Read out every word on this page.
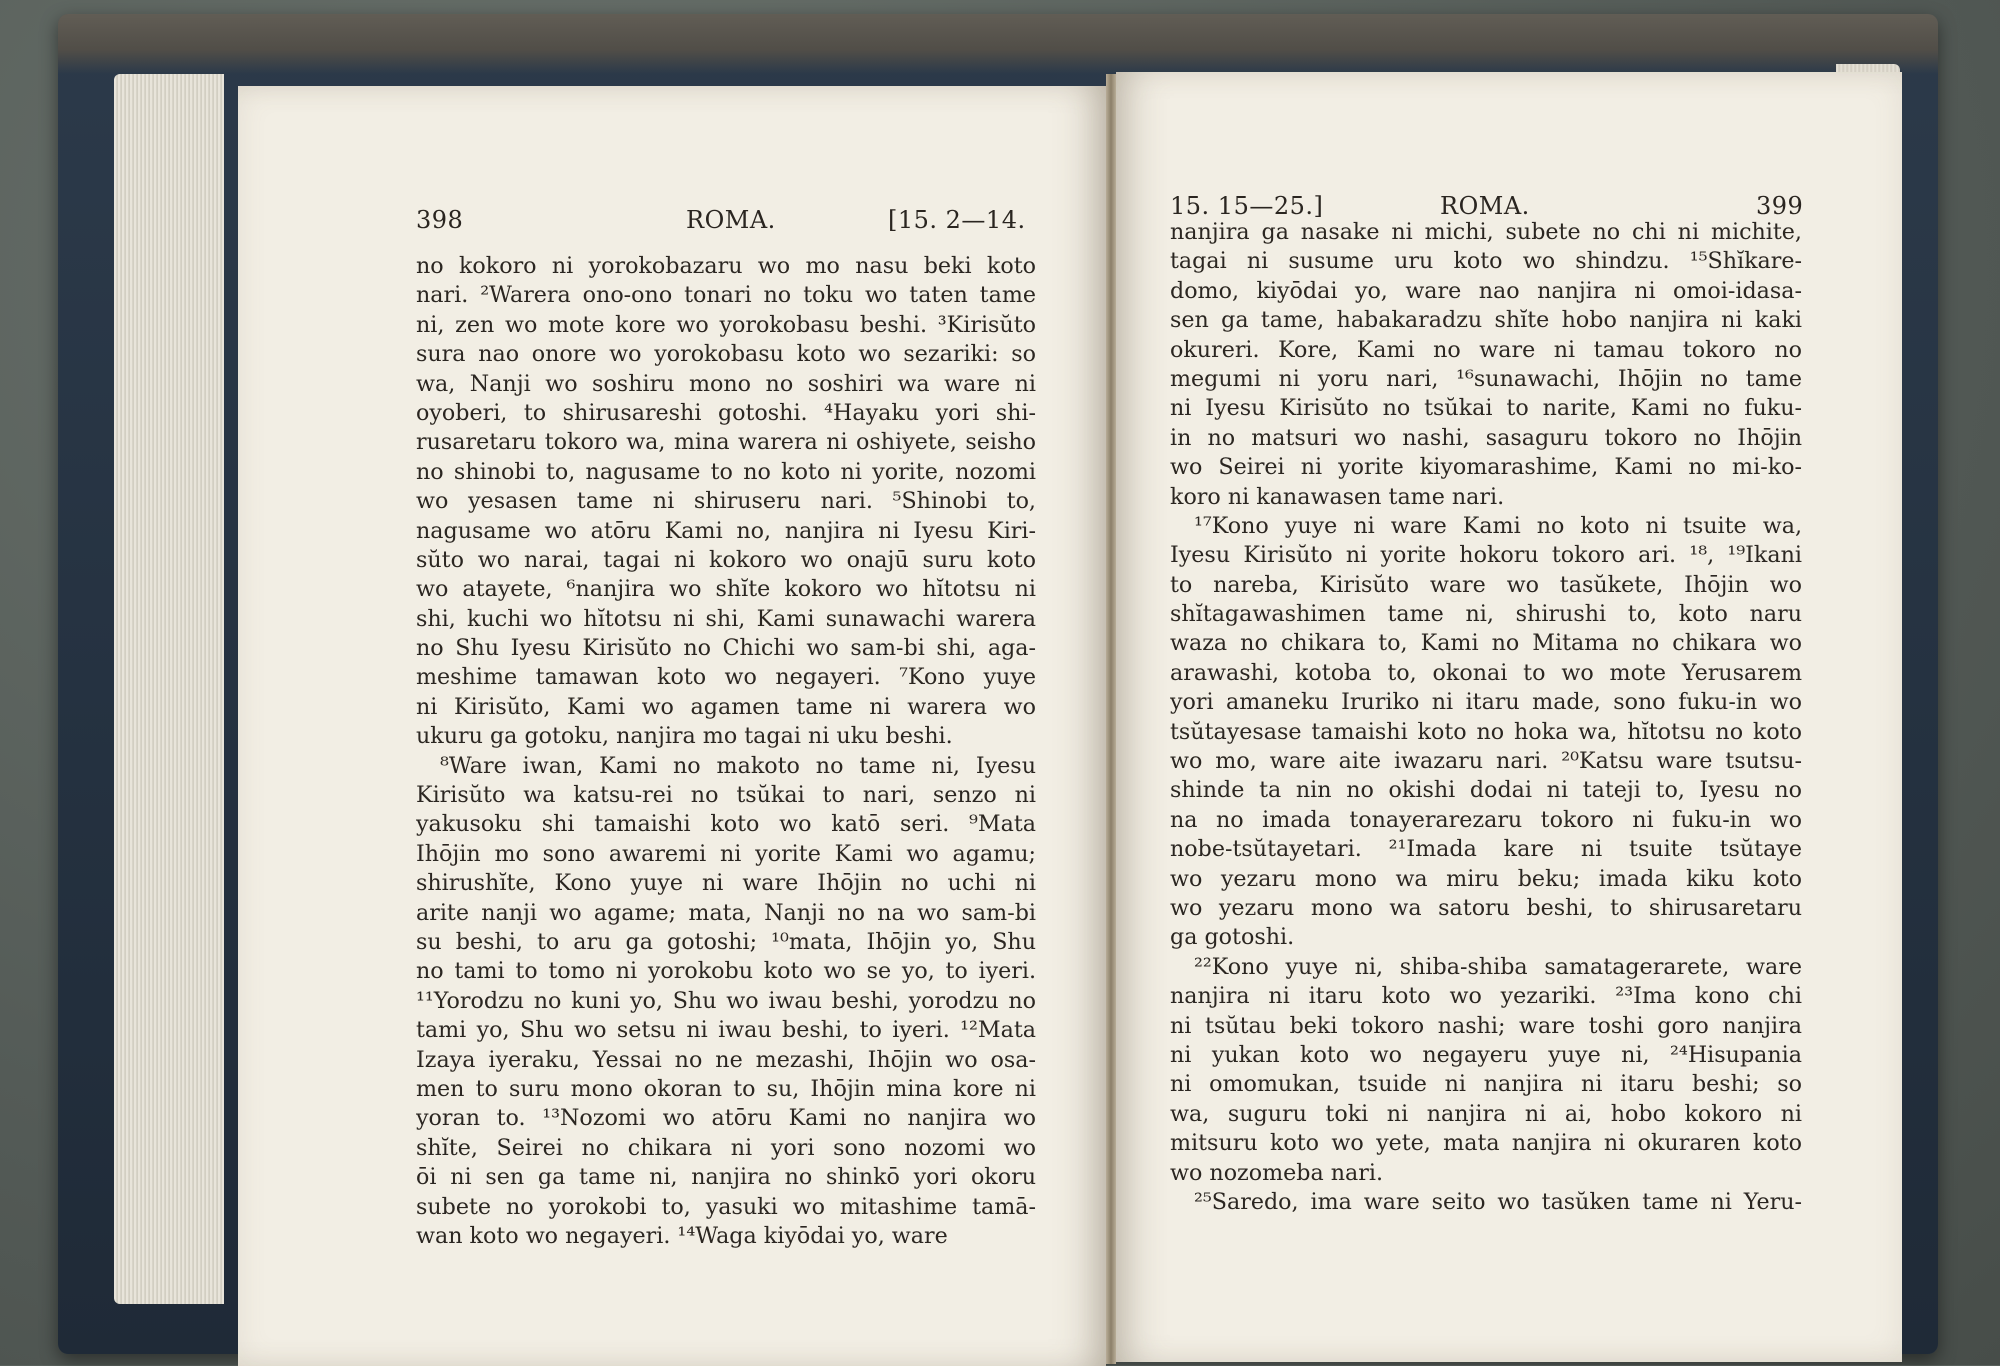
398	ROMA.	[15. 2—14.
no kokoro ni yorokobazaru wo mo nasu beki koto
nari. ²Warera ono-ono tonari no toku wo taten tame
ni, zen wo mote kore wo yorokobasu beshi. ³Kirisŭto
sura nao onore wo yorokobasu koto wo sezariki: so
wa, Nanji wo soshiru mono no soshiri wa ware ni
oyoberi, to shirusareshi gotoshi. ⁴Hayaku yori shi-
rusaretaru tokoro wa, mina warera ni oshiyete, seisho
no shinobi to, nagusame to no koto ni yorite, nozomi
wo yesasen tame ni shiruseru nari. ⁵Shinobi to,
nagusame wo atōru Kami no, nanjira ni Iyesu Kiri-
sŭto wo narai, tagai ni kokoro wo onajū suru koto
wo atayete, ⁶nanjira wo shĭte kokoro wo hĭtotsu ni
shi, kuchi wo hĭtotsu ni shi, Kami sunawachi warera
no Shu Iyesu Kirisŭto no Chichi wo sam-bi shi, aga-
meshime tamawan koto wo negayeri. ⁷Kono yuye
ni Kirisŭto, Kami wo agamen tame ni warera wo
ukuru ga gotoku, nanjira mo tagai ni uku beshi.
⁸Ware iwan, Kami no makoto no tame ni, Iyesu
Kirisŭto wa katsu-rei no tsŭkai to nari, senzo ni
yakusoku shi tamaishi koto wo katō seri. ⁹Mata
Ihōjin mo sono awaremi ni yorite Kami wo agamu;
shirushĭte, Kono yuye ni ware Ihōjin no uchi ni
arite nanji wo agame; mata, Nanji no na wo sam-bi
su beshi, to aru ga gotoshi; ¹⁰mata, Ihōjin yo, Shu
no tami to tomo ni yorokobu koto wo se yo, to iyeri.
¹¹Yorodzu no kuni yo, Shu wo iwau beshi, yorodzu no
tami yo, Shu wo setsu ni iwau beshi, to iyeri. ¹²Mata
Izaya iyeraku, Yessai no ne mezashi, Ihōjin wo osa-
men to suru mono okoran to su, Ihōjin mina kore ni
yoran to. ¹³Nozomi wo atōru Kami no nanjira wo
shĭte, Seirei no chikara ni yori sono nozomi wo
ōi ni sen ga tame ni, nanjira no shinkō yori okoru
subete no yorokobi to, yasuki wo mitashime tamā-
wan koto wo negayeri. ¹⁴Waga kiyōdai yo, ware
15. 15—25.]	ROMA.	399
nanjira ga nasake ni michi, subete no chi ni michite,
tagai ni susume uru koto wo shindzu. ¹⁵Shĭkare-
domo, kiyōdai yo, ware nao nanjira ni omoi-idasa-
sen ga tame, habakaradzu shĭte hobo nanjira ni kaki
okureri. Kore, Kami no ware ni tamau tokoro no
megumi ni yoru nari, ¹⁶sunawachi, Ihōjin no tame
ni Iyesu Kirisŭto no tsŭkai to narite, Kami no fuku-
in no matsuri wo nashi, sasaguru tokoro no Ihōjin
wo Seirei ni yorite kiyomarashime, Kami no mi-ko-
koro ni kanawasen tame nari.
¹⁷Kono yuye ni ware Kami no koto ni tsuite wa,
Iyesu Kirisŭto ni yorite hokoru tokoro ari. ¹⁸, ¹⁹Ikani
to nareba, Kirisŭto ware wo tasŭkete, Ihōjin wo
shĭtagawashimen tame ni, shirushi to, koto naru
waza no chikara to, Kami no Mitama no chikara wo
arawashi, kotoba to, okonai to wo mote Yerusarem
yori amaneku Iruriko ni itaru made, sono fuku-in wo
tsŭtayesase tamaishi koto no hoka wa, hĭtotsu no koto
wo mo, ware aite iwazaru nari. ²⁰Katsu ware tsutsu-
shinde ta nin no okishi dodai ni tateji to, Iyesu no
na no imada tonayerarezaru tokoro ni fuku-in wo
nobe-tsŭtayetari. ²¹Imada kare ni tsuite tsŭtaye
wo yezaru mono wa miru beku; imada kiku koto
wo yezaru mono wa satoru beshi, to shirusaretaru
ga gotoshi.
²²Kono yuye ni, shiba-shiba samatagerarete, ware
nanjira ni itaru koto wo yezariki. ²³Ima kono chi
ni tsŭtau beki tokoro nashi; ware toshi goro nanjira
ni yukan koto wo negayeru yuye ni, ²⁴Hisupania
ni omomukan, tsuide ni nanjira ni itaru beshi; so
wa, suguru toki ni nanjira ni ai, hobo kokoro ni
mitsuru koto wo yete, mata nanjira ni okuraren koto
wo nozomeba nari.
²⁵Saredo, ima ware seito wo tasŭken tame ni Yeru-
